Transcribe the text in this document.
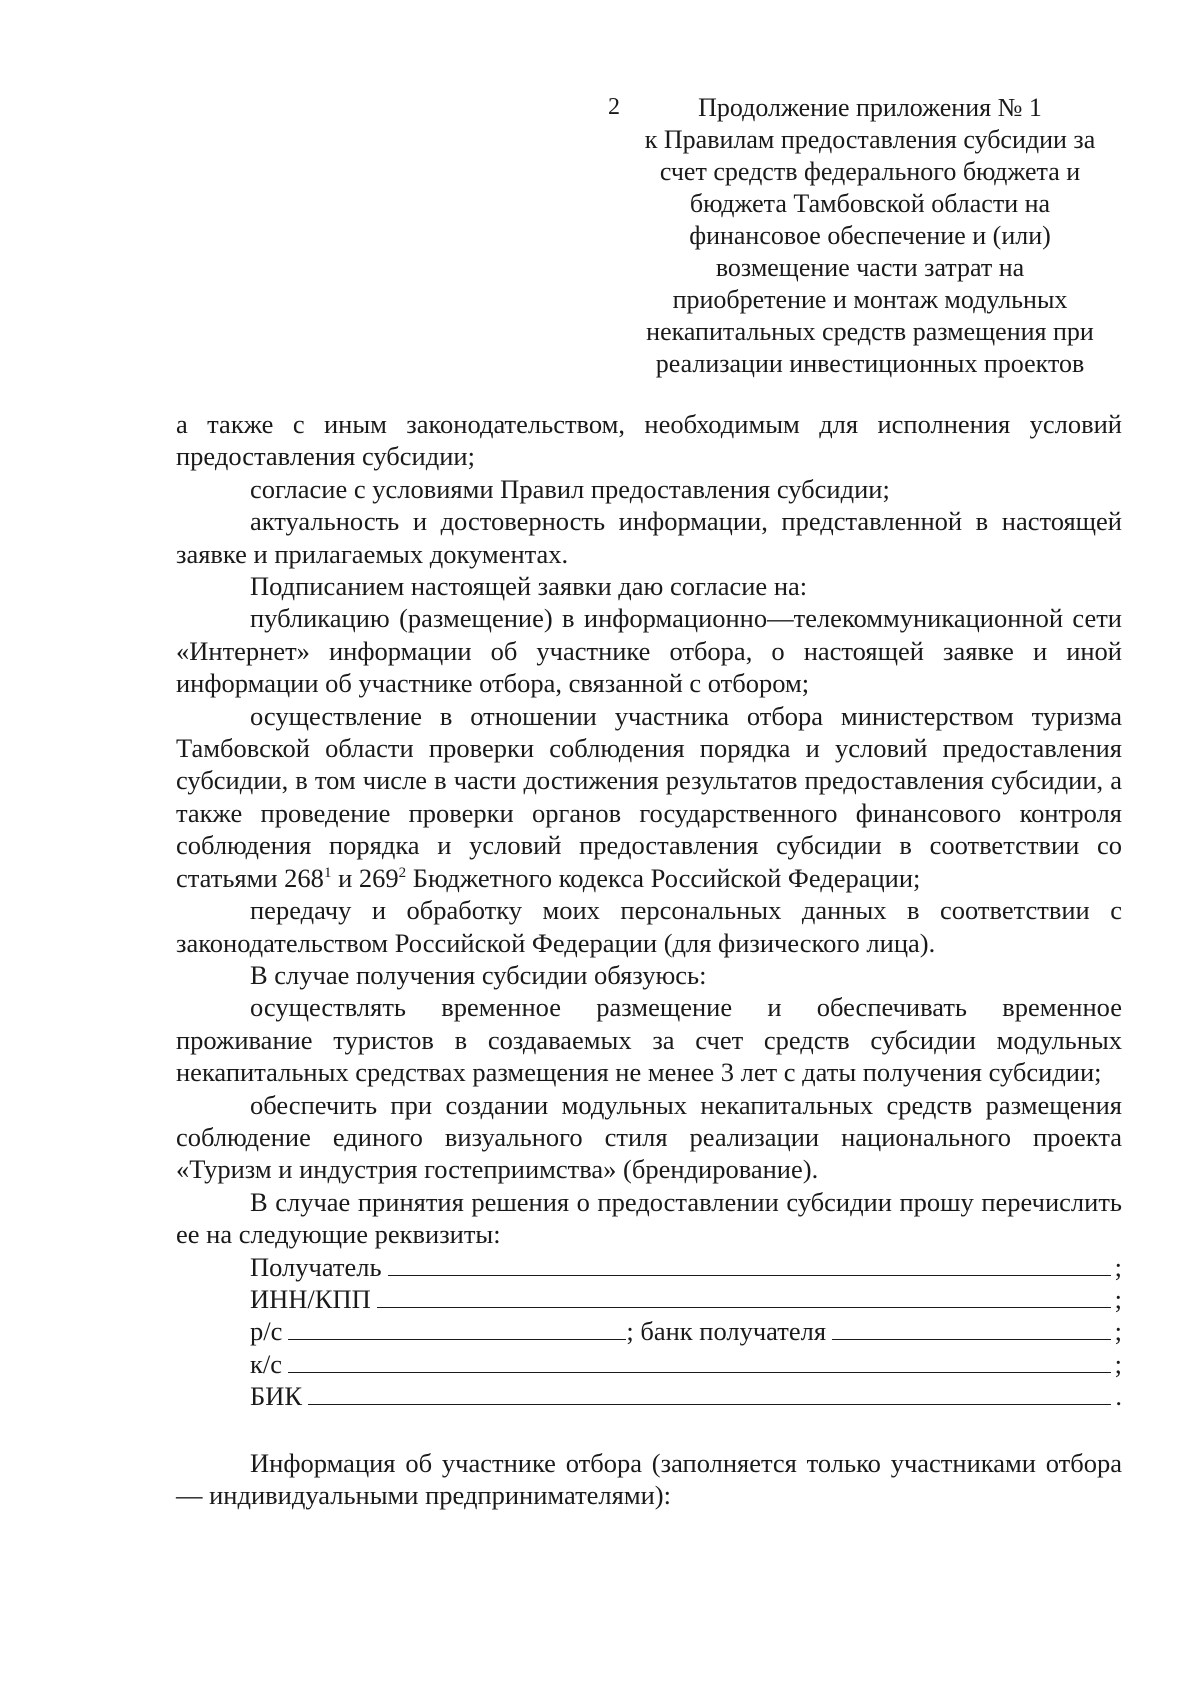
2	Продолжение приложения № 1
к Правилам предоставления субсидии за
счет средств федерального бюджета и
бюджета Тамбовской области на
финансовое обеспечение и (или)
возмещение части затрат на
приобретение и монтаж модульных
некапитальных средств размещения при
реализации инвестиционных проектов

а также с иным законодательством, необходимым для исполнения условий предоставления субсидии;

согласие с условиями Правил предоставления субсидии;

актуальность и достоверность информации, представленной в настоящей заявке и прилагаемых документах.

Подписанием настоящей заявки даю согласие на:

публикацию (размещение) в информационно—телекоммуникационной сети «Интернет» информации об участнике отбора, о настоящей заявке и иной информации об участнике отбора, связанной с отбором;

осуществление в отношении участника отбора министерством туризма Тамбовской области проверки соблюдения порядка и условий предоставления субсидии, в том числе в части достижения результатов предоставления субсидии, а также проведение проверки органов государственного финансового контроля соблюдения порядка и условий предоставления субсидии в соответствии со статьями $268^1$ и $269^2$ Бюджетного кодекса Российской Федерации;

передачу и обработку моих персональных данных в соответствии с законодательством Российской Федерации (для физического лица).

В случае получения субсидии обязуюсь:

осуществлять временное размещение и обеспечивать временное проживание туристов в создаваемых за счет средств субсидии модульных некапитальных средствах размещения не менее 3 лет с даты получения субсидии;

обеспечить при создании модульных некапитальных средств размещения соблюдение единого визуального стиля реализации национального проекта «Туризм и индустрия гостеприимства» (брендирование).

В случае принятия решения о предоставлении субсидии прошу перечислить ее на следующие реквизиты:

Получатель	;
ИНН/КПП	;
р/с	; банк получателя	;
к/с	;
БИК	.

Информация об участнике отбора (заполняется только участниками отбора — индивидуальными предпринимателями):
